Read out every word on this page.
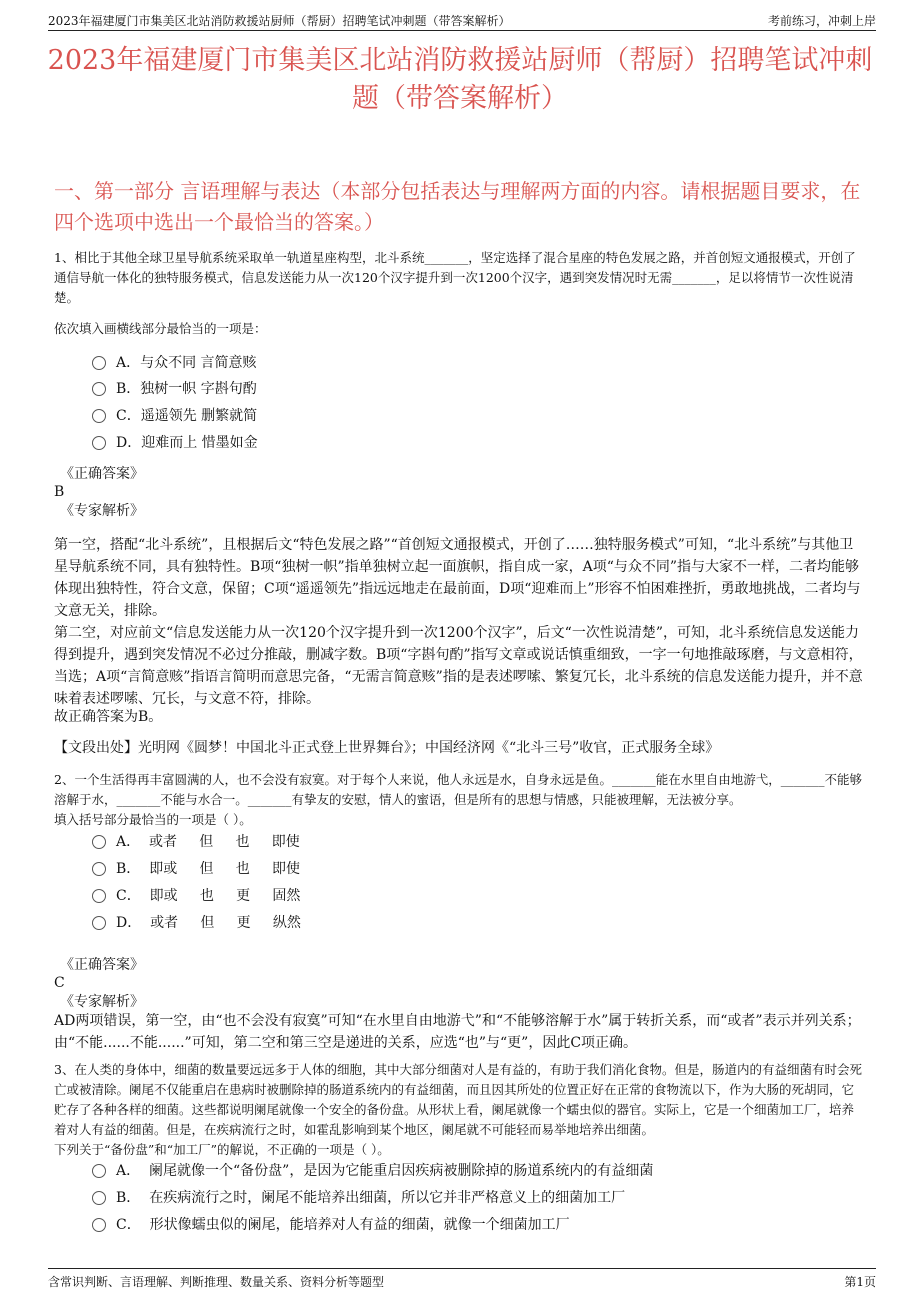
2023年福建厦门市集美区北站消防救援站厨师（帮厨）招聘笔试冲刺题（带答案解析）	考前练习，冲刺上岸
2023年福建厦门市集美区北站消防救援站厨师（帮厨）招聘笔试冲刺题（带答案解析）
一、第一部分 言语理解与表达（本部分包括表达与理解两方面的内容。请根据题目要求，在四个选项中选出一个最恰当的答案。）
1、相比于其他全球卫星导航系统采取单一轨道星座构型，北斗系统_______，坚定选择了混合星座的特色发展之路，并首创短文通报模式，开创了通信导航一体化的独特服务模式，信息发送能力从一次120个汉字提升到一次1200个汉字，遇到突发情况时无需_______，足以将情节一次性说清楚。
依次填入画横线部分最恰当的一项是：
A．与众不同 言简意赅
B．独树一帜 字斟句酌
C．遥遥领先 删繁就简
D．迎难而上 惜墨如金
《正确答案》
B
《专家解析》
第一空，搭配“北斗系统”，且根据后文“特色发展之路”“首创短文通报模式，开创了……独特服务模式”可知，“北斗系统”与其他卫星导航系统不同，具有独特性。B项“独树一帜”指单独树立起一面旗帜，指自成一家，A项“与众不同”指与大家不一样，二者均能够体现出独特性，符合文意，保留；C项“遥遥领先”指远远地走在最前面，D项“迎难而上”形容不怕困难挫折，勇敢地挑战，二者均与文意无关，排除。
第二空，对应前文“信息发送能力从一次120个汉字提升到一次1200个汉字”，后文“一次性说清楚”，可知，北斗系统信息发送能力得到提升，遇到突发情况不必过分推敲，删减字数。B项“字斟句酌”指写文章或说话慎重细致，一字一句地推敲琢磨，与文意相符，当选；A项“言简意赅”指语言简明而意思完备，“无需言简意赅”指的是表述啰嗦、繁复冗长，北斗系统的信息发送能力提升，并不意味着表述啰嗦、冗长，与文意不符，排除。
故正确答案为B。
【文段出处】光明网《圆梦！中国北斗正式登上世界舞台》；中国经济网《“北斗三号”收官，正式服务全球》
2、一个生活得再丰富圆满的人，也不会没有寂寞。对于每个人来说，他人永远是水，自身永远是鱼。_______能在水里自由地游弋，_______不能够溶解于水，_______不能与水合一。_______有挚友的安慰，情人的蜜语，但是所有的思想与情感，只能被理解，无法被分享。
填入括号部分最恰当的一项是（ ）。
A．  或者     但     也     即使
B．  即或     但     也     即使
C．  即或     也     更     固然
D．  或者     但     更     纵然
《正确答案》
C
《专家解析》
AD两项错误，第一空，由“也不会没有寂寞”可知“在水里自由地游弋”和“不能够溶解于水”属于转折关系，而“或者”表示并列关系；由“不能......不能......”可知，第二空和第三空是递进的关系，应选“也”与“更”，因此C项正确。
3、在人类的身体中，细菌的数量要远远多于人体的细胞，其中大部分细菌对人是有益的，有助于我们消化食物。但是，肠道内的有益细菌有时会死亡或被清除。阑尾不仅能重启在患病时被删除掉的肠道系统内的有益细菌，而且因其所处的位置正好在正常的食物流以下，作为大肠的死胡同，它贮存了各种各样的细菌。这些都说明阑尾就像一个安全的备份盘。从形状上看，阑尾就像一个蠕虫似的器官。实际上，它是一个细菌加工厂，培养着对人有益的细菌。但是，在疾病流行之时，如霍乱影响到某个地区，阑尾就不可能轻而易举地培养出细菌。
下列关于“备份盘”和“加工厂”的解说，不正确的一项是（ ）。
A．  阑尾就像一个“备份盘”，是因为它能重启因疾病被删除掉的肠道系统内的有益细菌
B．  在疾病流行之时，阑尾不能培养出细菌，所以它并非严格意义上的细菌加工厂
C．  形状像蠕虫似的阑尾，能培养对人有益的细菌，就像一个细菌加工厂
含常识判断、言语理解、判断推理、数量关系、资料分析等题型	第1页
